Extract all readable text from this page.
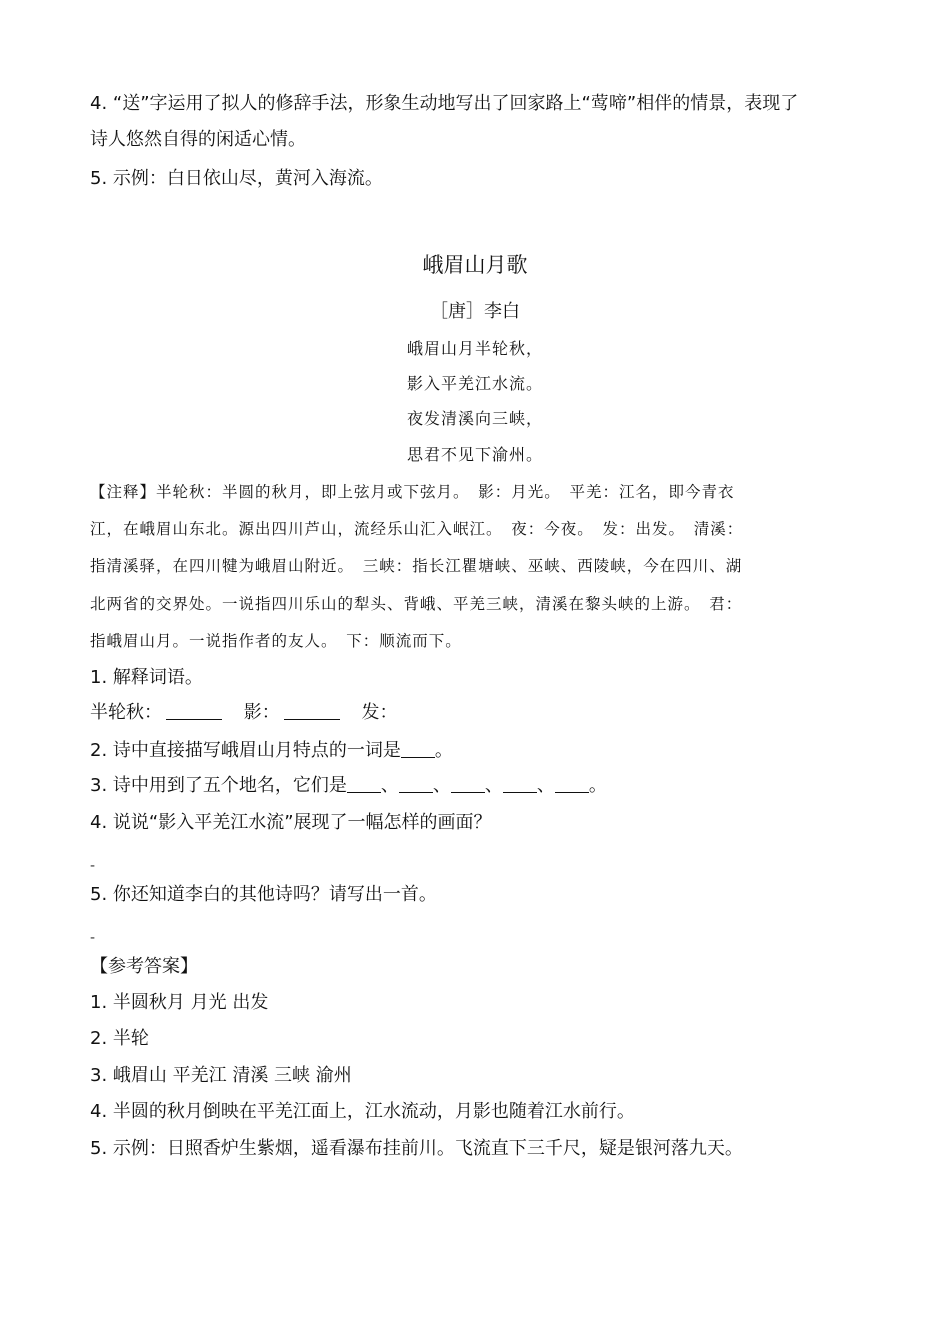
4. “送”字运用了拟人的修辞手法，形象生动地写出了回家路上“莺啼”相伴的情景，表现了
诗人悠然自得的闲适心情。
5. 示例：白日依山尽，黄河入海流。
峨眉山月歌
［唐］李白
峨眉山月半轮秋，
影入平羌江水流。
夜发清溪向三峡，
思君不见下渝州。
【注释】半轮秋：半圆的秋月，即上弦月或下弦月。　影：月光。　平羌：江名，即今青衣
江，在峨眉山东北。源出四川芦山，流经乐山汇入岷江。　夜：今夜。　发：出发。　清溪：
指清溪驿，在四川犍为峨眉山附近。　三峡：指长江瞿塘峡、巫峡、西陵峡，今在四川、湖
北两省的交界处。一说指四川乐山的犁头、背峨、平羌三峡，清溪在黎头峡的上游。　君：
指峨眉山月。一说指作者的友人。　下：顺流而下。
1. 解释词语。
半轮秋：	影：	发：
2. 诗中直接描写峨眉山月特点的一词是 。
3. 诗中用到了五个地名，它们是 、 、 、 、 。
4. 说说“影入平羌江水流”展现了一幅怎样的画面？
-
5. 你还知道李白的其他诗吗？请写出一首。
-
【参考答案】
1. 半圆秋月 月光 出发
2. 半轮
3. 峨眉山 平羌江 清溪 三峡 渝州
4. 半圆的秋月倒映在平羌江面上，江水流动，月影也随着江水前行。
5. 示例：日照香炉生紫烟，遥看瀑布挂前川。飞流直下三千尺，疑是银河落九天。
